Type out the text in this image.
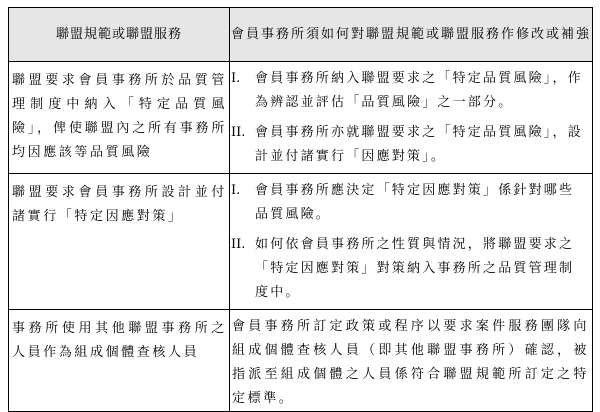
聯盟規範或聯盟服務	會員事務所須如何對聯盟規範或聯盟服務作修改或補強

聯盟要求會員事務所於品質管理制度中納入「特定品質風險」，俾使聯盟內之所有事務所均因應該等品質風險	I. 會員事務所納入聯盟要求之「特定品質風險」，作為辨認並評估「品質風險」之一部分。
II. 會員事務所亦就聯盟要求之「特定品質風險」，設計並付諸實行「因應對策」。

聯盟要求會員事務所設計並付諸實行「特定因應對策」	I. 會員事務所應決定「特定因應對策」係針對哪些品質風險。
II. 如何依會員事務所之性質與情況，將聯盟要求之「特定因應對策」對策納入事務所之品質管理制度中。

事務所使用其他聯盟事務所之人員作為組成個體查核人員	會員事務所訂定政策或程序以要求案件服務團隊向組成個體查核人員（即其他聯盟事務所）確認，被指派至組成個體之人員係符合聯盟規範所訂定之特定標準。
